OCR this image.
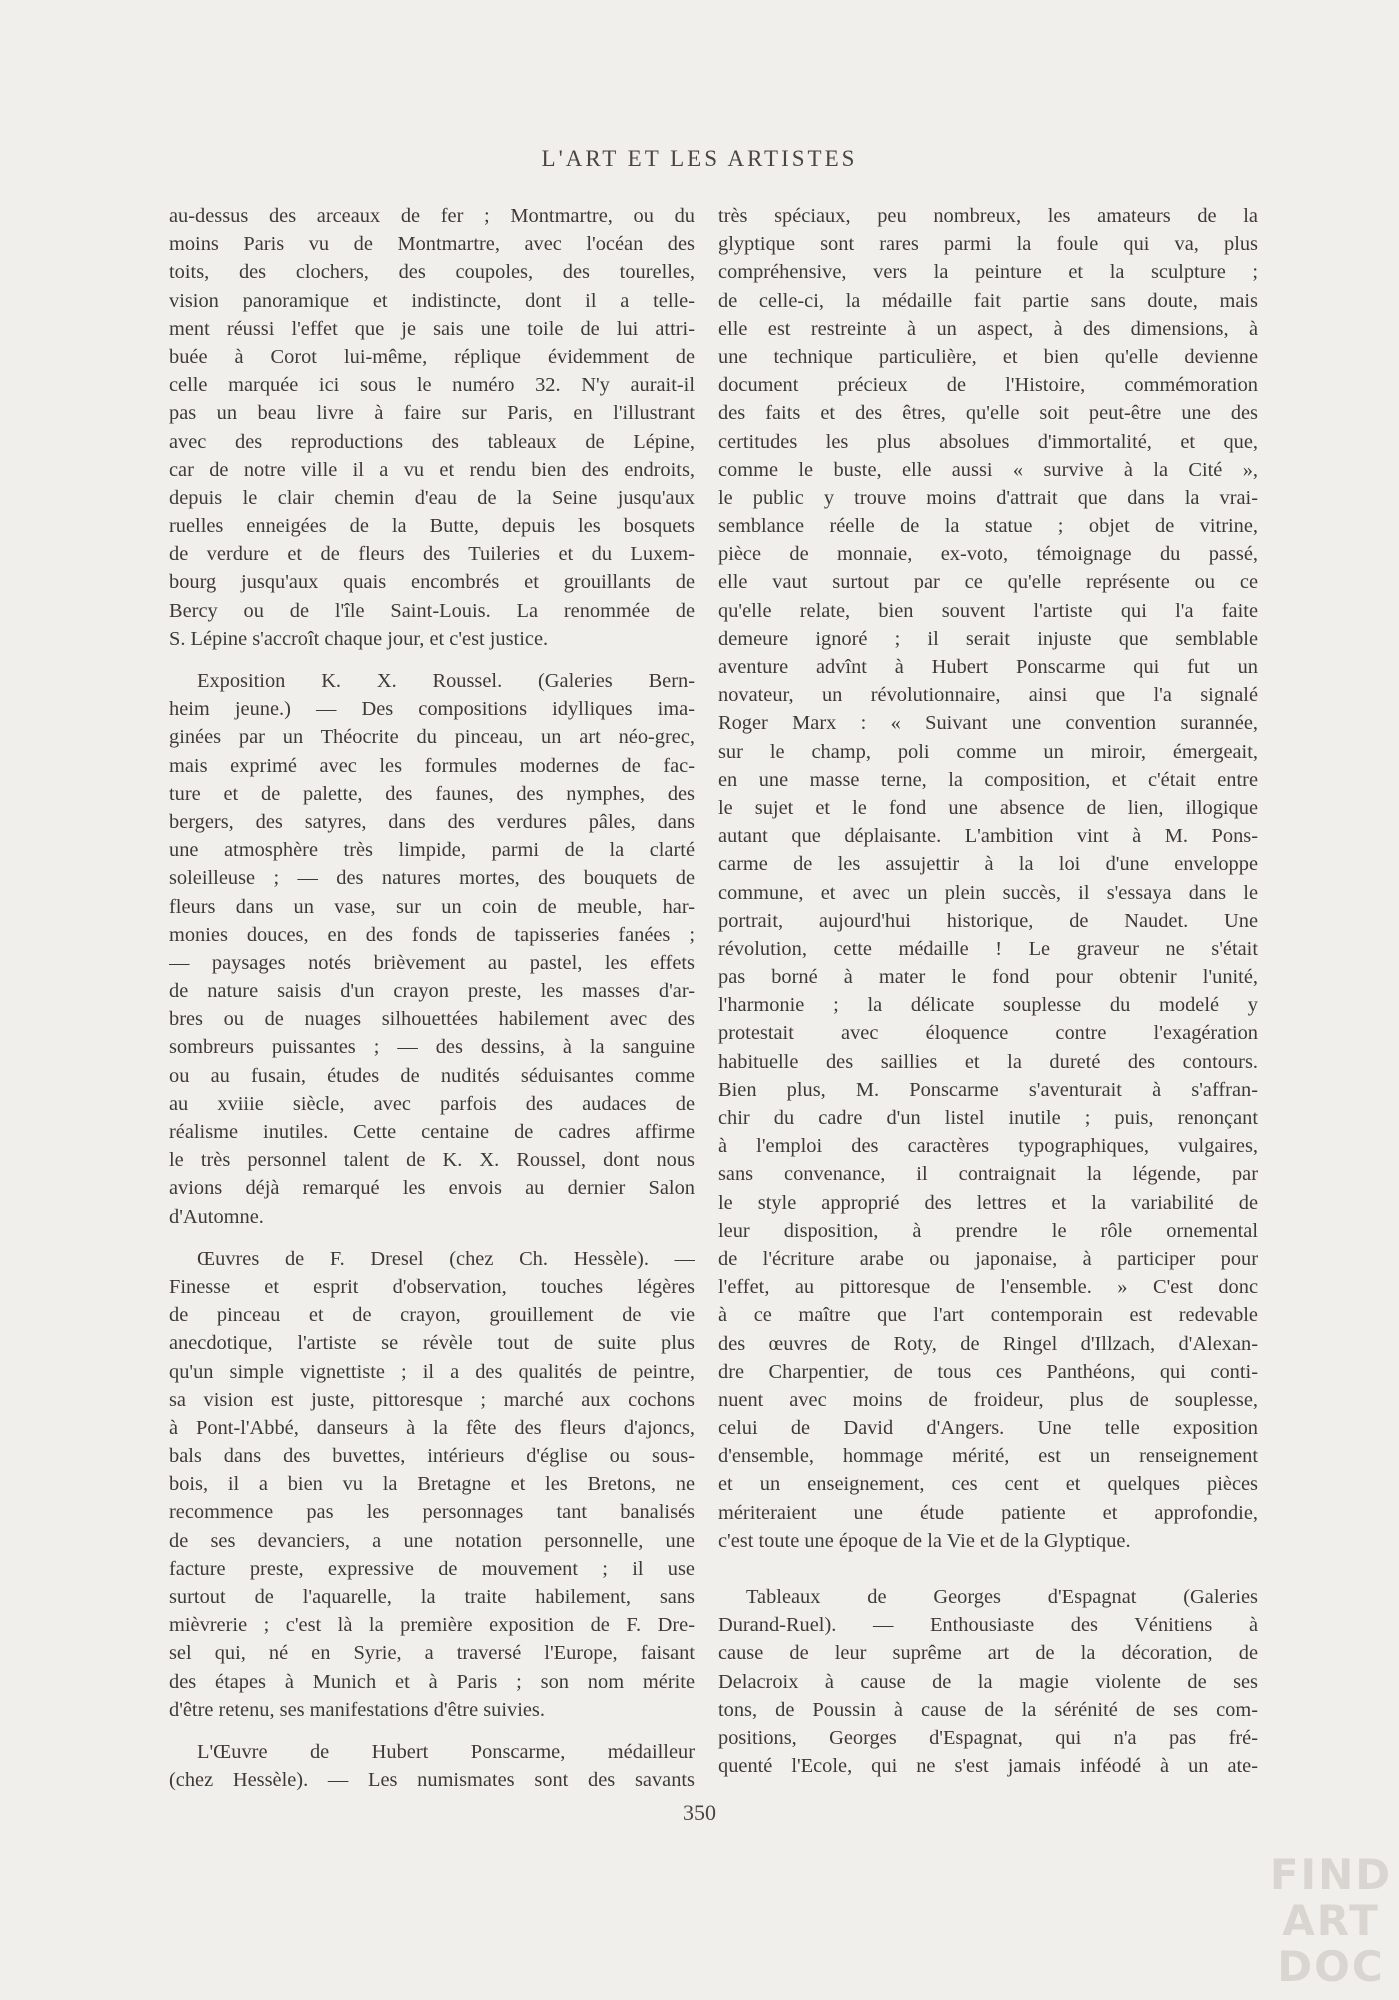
L'ART ET LES ARTISTES
au-dessus des arceaux de fer ; Montmartre, ou du
moins Paris vu de Montmartre, avec l'océan des
toits, des clochers, des coupoles, des tourelles,
vision panoramique et indistincte, dont il a telle-
ment réussi l'effet que je sais une toile de lui attri-
buée à Corot lui-même, réplique évidemment de
celle marquée ici sous le numéro 32. N'y aurait-il
pas un beau livre à faire sur Paris, en l'illustrant
avec des reproductions des tableaux de Lépine,
car de notre ville il a vu et rendu bien des endroits,
depuis le clair chemin d'eau de la Seine jusqu'aux
ruelles enneigées de la Butte, depuis les bosquets
de verdure et de fleurs des Tuileries et du Luxem-
bourg jusqu'aux quais encombrés et grouillants de
Bercy ou de l'île Saint-Louis. La renommée de
S. Lépine s'accroît chaque jour, et c'est justice.
Exposition K. X. Roussel. (Galeries Bern-
heim jeune.) — Des compositions idylliques ima-
ginées par un Théocrite du pinceau, un art néo-grec,
mais exprimé avec les formules modernes de fac-
ture et de palette, des faunes, des nymphes, des
bergers, des satyres, dans des verdures pâles, dans
une atmosphère très limpide, parmi de la clarté
soleilleuse ; — des natures mortes, des bouquets de
fleurs dans un vase, sur un coin de meuble, har-
monies douces, en des fonds de tapisseries fanées ;
— paysages notés brièvement au pastel, les effets
de nature saisis d'un crayon preste, les masses d'ar-
bres ou de nuages silhouettées habilement avec des
sombreurs puissantes ; — des dessins, à la sanguine
ou au fusain, études de nudités séduisantes comme
au xviiie siècle, avec parfois des audaces de
réalisme inutiles. Cette centaine de cadres affirme
le très personnel talent de K. X. Roussel, dont nous
avions déjà remarqué les envois au dernier Salon
d'Automne.
Œuvres de F. Dresel (chez Ch. Hessèle). —
Finesse et esprit d'observation, touches légères
de pinceau et de crayon, grouillement de vie
anecdotique, l'artiste se révèle tout de suite plus
qu'un simple vignettiste ; il a des qualités de peintre,
sa vision est juste, pittoresque ; marché aux cochons
à Pont-l'Abbé, danseurs à la fête des fleurs d'ajoncs,
bals dans des buvettes, intérieurs d'église ou sous-
bois, il a bien vu la Bretagne et les Bretons, ne
recommence pas les personnages tant banalisés
de ses devanciers, a une notation personnelle, une
facture preste, expressive de mouvement ; il use
surtout de l'aquarelle, la traite habilement, sans
mièvrerie ; c'est là la première exposition de F. Dre-
sel qui, né en Syrie, a traversé l'Europe, faisant
des étapes à Munich et à Paris ; son nom mérite
d'être retenu, ses manifestations d'être suivies.
L'Œuvre de Hubert Ponscarme, médailleur
(chez Hessèle). — Les numismates sont des savants
très spéciaux, peu nombreux, les amateurs de la
glyptique sont rares parmi la foule qui va, plus
compréhensive, vers la peinture et la sculpture ;
de celle-ci, la médaille fait partie sans doute, mais
elle est restreinte à un aspect, à des dimensions, à
une technique particulière, et bien qu'elle devienne
document précieux de l'Histoire, commémoration
des faits et des êtres, qu'elle soit peut-être une des
certitudes les plus absolues d'immortalité, et que,
comme le buste, elle aussi « survive à la Cité »,
le public y trouve moins d'attrait que dans la vrai-
semblance réelle de la statue ; objet de vitrine,
pièce de monnaie, ex-voto, témoignage du passé,
elle vaut surtout par ce qu'elle représente ou ce
qu'elle relate, bien souvent l'artiste qui l'a faite
demeure ignoré ; il serait injuste que semblable
aventure advînt à Hubert Ponscarme qui fut un
novateur, un révolutionnaire, ainsi que l'a signalé
Roger Marx : « Suivant une convention surannée,
sur le champ, poli comme un miroir, émergeait,
en une masse terne, la composition, et c'était entre
le sujet et le fond une absence de lien, illogique
autant que déplaisante. L'ambition vint à M. Pons-
carme de les assujettir à la loi d'une enveloppe
commune, et avec un plein succès, il s'essaya dans le
portrait, aujourd'hui historique, de Naudet. Une
révolution, cette médaille ! Le graveur ne s'était
pas borné à mater le fond pour obtenir l'unité,
l'harmonie ; la délicate souplesse du modelé y
protestait avec éloquence contre l'exagération
habituelle des saillies et la dureté des contours.
Bien plus, M. Ponscarme s'aventurait à s'affran-
chir du cadre d'un listel inutile ; puis, renonçant
à l'emploi des caractères typographiques, vulgaires,
sans convenance, il contraignait la légende, par
le style approprié des lettres et la variabilité de
leur disposition, à prendre le rôle ornemental
de l'écriture arabe ou japonaise, à participer pour
l'effet, au pittoresque de l'ensemble. » C'est donc
à ce maître que l'art contemporain est redevable
des œuvres de Roty, de Ringel d'Illzach, d'Alexan-
dre Charpentier, de tous ces Panthéons, qui conti-
nuent avec moins de froideur, plus de souplesse,
celui de David d'Angers. Une telle exposition
d'ensemble, hommage mérité, est un renseignement
et un enseignement, ces cent et quelques pièces
mériteraient une étude patiente et approfondie,
c'est toute une époque de la Vie et de la Glyptique.
Tableaux de Georges d'Espagnat (Galeries
Durand-Ruel). — Enthousiaste des Vénitiens à
cause de leur suprême art de la décoration, de
Delacroix à cause de la magie violente de ses
tons, de Poussin à cause de la sérénité de ses com-
positions, Georges d'Espagnat, qui n'a pas fré-
quenté l'Ecole, qui ne s'est jamais inféodé à un ate-
350
FIND
ART
DOC
